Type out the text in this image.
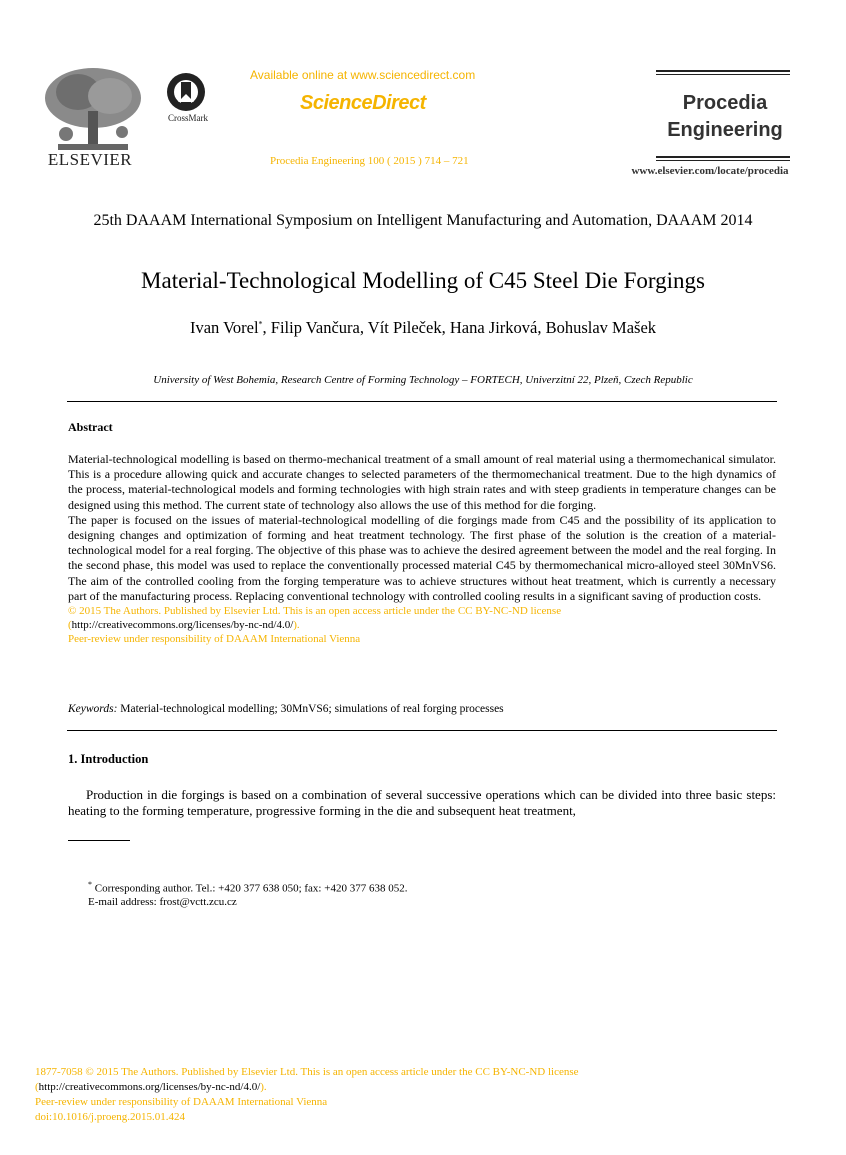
ELSEVIER
CrossMark
Available online at www.sciencedirect.com
ScienceDirect
Procedia Engineering 100 ( 2015 ) 714 – 721
Procedia
Engineering
www.elsevier.com/locate/procedia
25th DAAAM International Symposium on Intelligent Manufacturing and Automation, DAAAM 2014
Material-Technological Modelling of C45 Steel Die Forgings
Ivan Vorel*, Filip Vančura, Vít Pileček, Hana Jirková, Bohuslav Mašek
University of West Bohemia, Research Centre of Forming Technology – FORTECH, Univerzitní 22, Plzeň, Czech Republic
Abstract

Material-technological modelling is based on thermo-mechanical treatment of a small amount of real material using a thermomechanical simulator. This is a procedure allowing quick and accurate changes to selected parameters of the thermomechanical treatment. Due to the high dynamics of the process, material-technological models and forming technologies with high strain rates and with steep gradients in temperature changes can be designed using this method. The current state of technology also allows the use of this method for die forging.

The paper is focused on the issues of material-technological modelling of die forgings made from C45 and the possibility of its application to designing changes and optimization of forming and heat treatment technology. The first phase of the solution is the creation of a material-technological model for a real forging. The objective of this phase was to achieve the desired agreement between the model and the real forging. In the second phase, this model was used to replace the conventionally processed material C45 by thermomechanical micro-alloyed steel 30MnVS6. The aim of the controlled cooling from the forging temperature was to achieve structures without heat treatment, which is currently a necessary part of the manufacturing process. Replacing conventional technology with controlled cooling results in a significant saving of production costs.

© 2015 The Authors. Published by Elsevier Ltd. This is an open access article under the CC BY-NC-ND license
(http://creativecommons.org/licenses/by-nc-nd/4.0/).
Peer-review under responsibility of DAAAM International Vienna
Keywords: Material-technological modelling; 30MnVS6; simulations of real forging processes
1. Introduction
Production in die forgings is based on a combination of several successive operations which can be divided into three basic steps: heating to the forming temperature, progressive forming in the die and subsequent heat treatment,
* Corresponding author. Tel.: +420 377 638 050; fax: +420 377 638 052.
E-mail address: frost@vctt.zcu.cz
1877-7058 © 2015 The Authors. Published by Elsevier Ltd. This is an open access article under the CC BY-NC-ND license
(http://creativecommons.org/licenses/by-nc-nd/4.0/).
Peer-review under responsibility of DAAAM International Vienna
doi:10.1016/j.proeng.2015.01.424
